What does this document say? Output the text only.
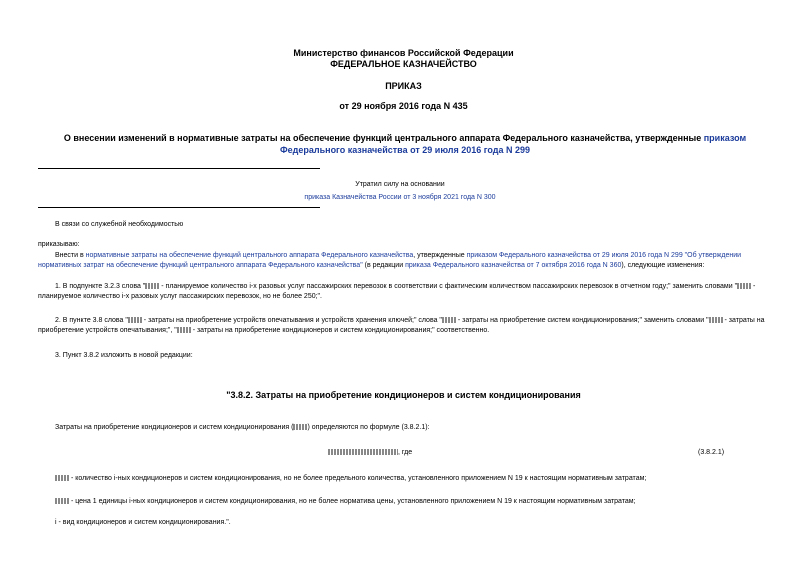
Министерство финансов Российской Федерации
ФЕДЕРАЛЬНОЕ КАЗНАЧЕЙСТВО
ПРИКАЗ
от 29 ноября 2016 года N 435
О внесении изменений в нормативные затраты на обеспечение функций центрального аппарата Федерального казначейства, утвержденные приказом Федерального казначейства от 29 июля 2016 года N 299
Утратил силу на основании
приказа Казначейства России от 3 ноября 2021 года N 300
В связи со служебной необходимостью
приказываю:
Внести в нормативные затраты на обеспечение функций центрального аппарата Федерального казначейства, утвержденные приказом Федерального казначейства от 29 июля 2016 года N 299 "Об утверждении нормативных затрат на обеспечение функций центрального аппарата Федерального казначейства" (в редакции приказа Федерального казначейства от 7 октября 2016 года N 360), следующие изменения:
1. В подпункте 3.2.3 слова " - планируемое количество i-х разовых услуг пассажирских перевозок в соответствии с фактическим количеством пассажирских перевозок в отчетном году;" заменить словами " - планируемое количество i-х разовых услуг пассажирских перевозок, но не более 250;".
2. В пункте 3.8 слова " - затраты на приобретение устройств опечатывания и устройств хранения ключей;" слова " - затраты на приобретение систем кондиционирования;" заменить словами " - затраты на приобретение устройств опечатывания;", " - затраты на приобретение кондиционеров и систем кондиционирования;" соответственно.
3. Пункт 3.8.2 изложить в новой редакции:
"3.8.2. Затраты на приобретение кондиционеров и систем кондиционирования
Затраты на приобретение кондиционеров и систем кондиционирования ( ) определяются по формуле (3.8.2.1):
, где	(3.8.2.1)
- количество i-ных кондиционеров и систем кондиционирования, но не более предельного количества, установленного приложением N 19 к настоящим нормативным затратам;
- цена 1 единицы i-ных кондиционеров и систем кондиционирования, но не более норматива цены, установленного приложением N 19 к настоящим нормативным затратам;
i - вид кондиционеров и систем кондиционирования.".
